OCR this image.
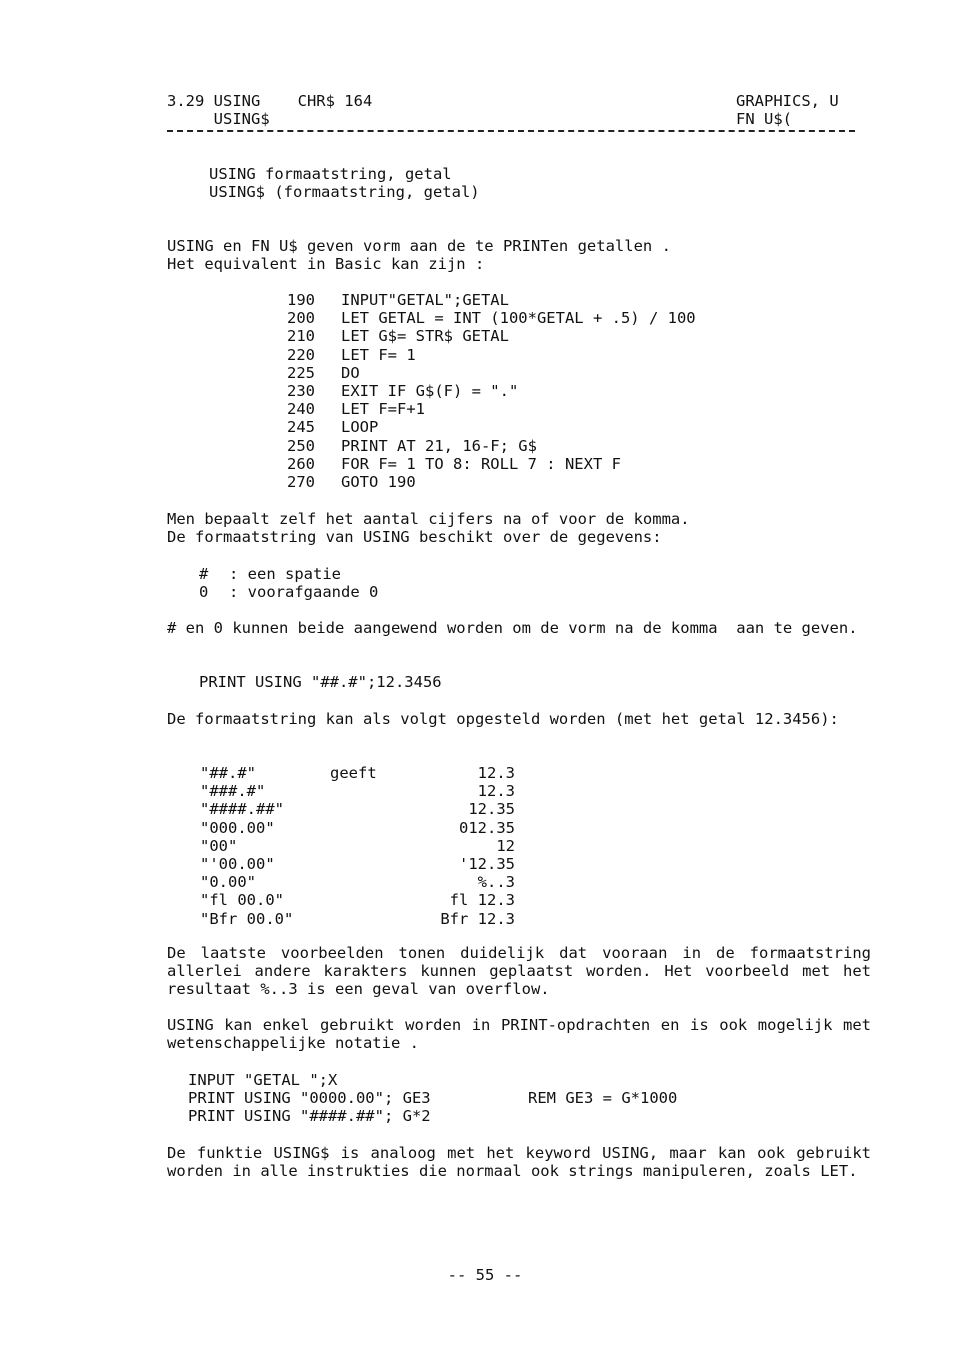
3.29 USING    CHR$ 164
USING$
GRAPHICS, U
FN U$(
USING formaatstring, getal
USING$ (formaatstring, getal)
USING en FN U$ geven vorm aan de te PRINTen getallen .
Het equivalent in Basic kan zijn :
190	INPUT"GETAL";GETAL
200	LET GETAL = INT (100*GETAL + .5) / 100
210	LET G$= STR$ GETAL
220	LET F= 1
225	DO
230	EXIT IF G$(F) = "."
240	LET F=F+1
245	LOOP
250	PRINT AT 21, 16-F; G$
260	FOR F= 1 TO 8: ROLL 7 : NEXT F
270	GOTO 190
Men bepaalt zelf het aantal cijfers na of voor de komma.
De formaatstring van USING beschikt over de gegevens:
#	: een spatie
0	: voorafgaande 0
# en 0 kunnen beide aangewend worden om de vorm na de komma  aan te geven.
PRINT USING "##.#";12.3456
De formaatstring kan als volgt opgesteld worden (met het getal 12.3456):
"##.#"	geeft	12.3
"###.#"	12.3
"####.##"	12.35
"000.00"	012.35
"00"	12
"'00.00"	'12.35
"0.00"	%..3
"fl 00.0"	fl 12.3
"Bfr 00.0"	Bfr 12.3
De laatste voorbeelden tonen duidelijk dat vooraan in de formaatstring allerlei andere karakters kunnen geplaatst worden. Het voorbeeld met het resultaat %..3 is een geval van overflow.
USING kan enkel gebruikt worden in PRINT-opdrachten en is ook mogelijk met wetenschappelijke notatie .
INPUT "GETAL ";X
PRINT USING "0000.00"; GE3	REM GE3 = G*1000
PRINT USING "####.##"; G*2
De funktie USING$ is analoog met het keyword USING, maar kan ook gebruikt worden in alle instrukties die normaal ook strings manipuleren, zoals LET.
-- 55 --
